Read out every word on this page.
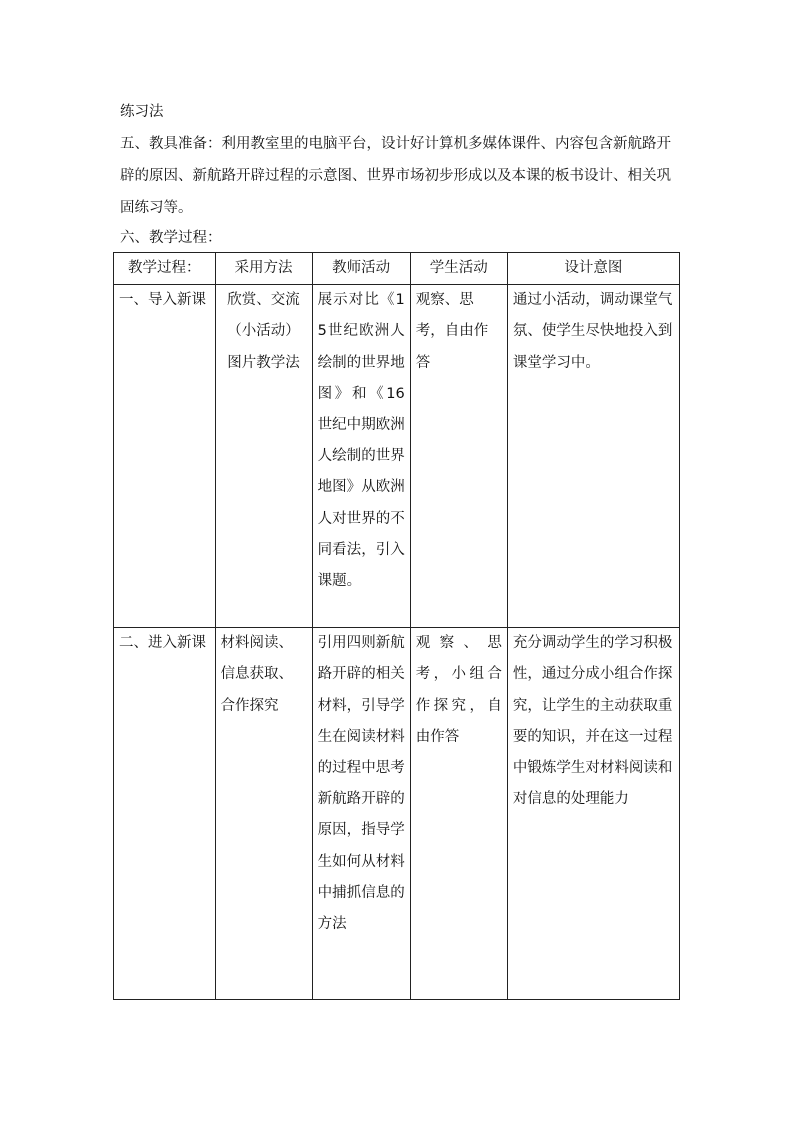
练习法

五、教具准备：利用教室里的电脑平台，设计好计算机多媒体课件、内容包含新航路开辟的原因、新航路开辟过程的示意图、世界市场初步形成以及本课的板书设计、相关巩固练习等。

六、教学过程：

教学过程：	采用方法	教师活动	学生活动	设计意图
一、导入新课	欣赏、交流（小活动）图片教学法	展示对比《15世纪欧洲人绘制的世界地图》和《16世纪中期欧洲人绘制的世界地图》从欧洲人对世界的不同看法，引入课题。	观察、思考，自由作答	通过小活动，调动课堂气氛、使学生尽快地投入到课堂学习中。
二、进入新课	材料阅读、信息获取、合作探究	引用四则新航路开辟的相关材料，引导学生在阅读材料的过程中思考新航路开辟的原因，指导学生如何从材料中捕抓信息的方法	观察、思考，小组合作探究，自由作答	充分调动学生的学习积极性，通过分成小组合作探究，让学生的主动获取重要的知识，并在这一过程中锻炼学生对材料阅读和对信息的处理能力
